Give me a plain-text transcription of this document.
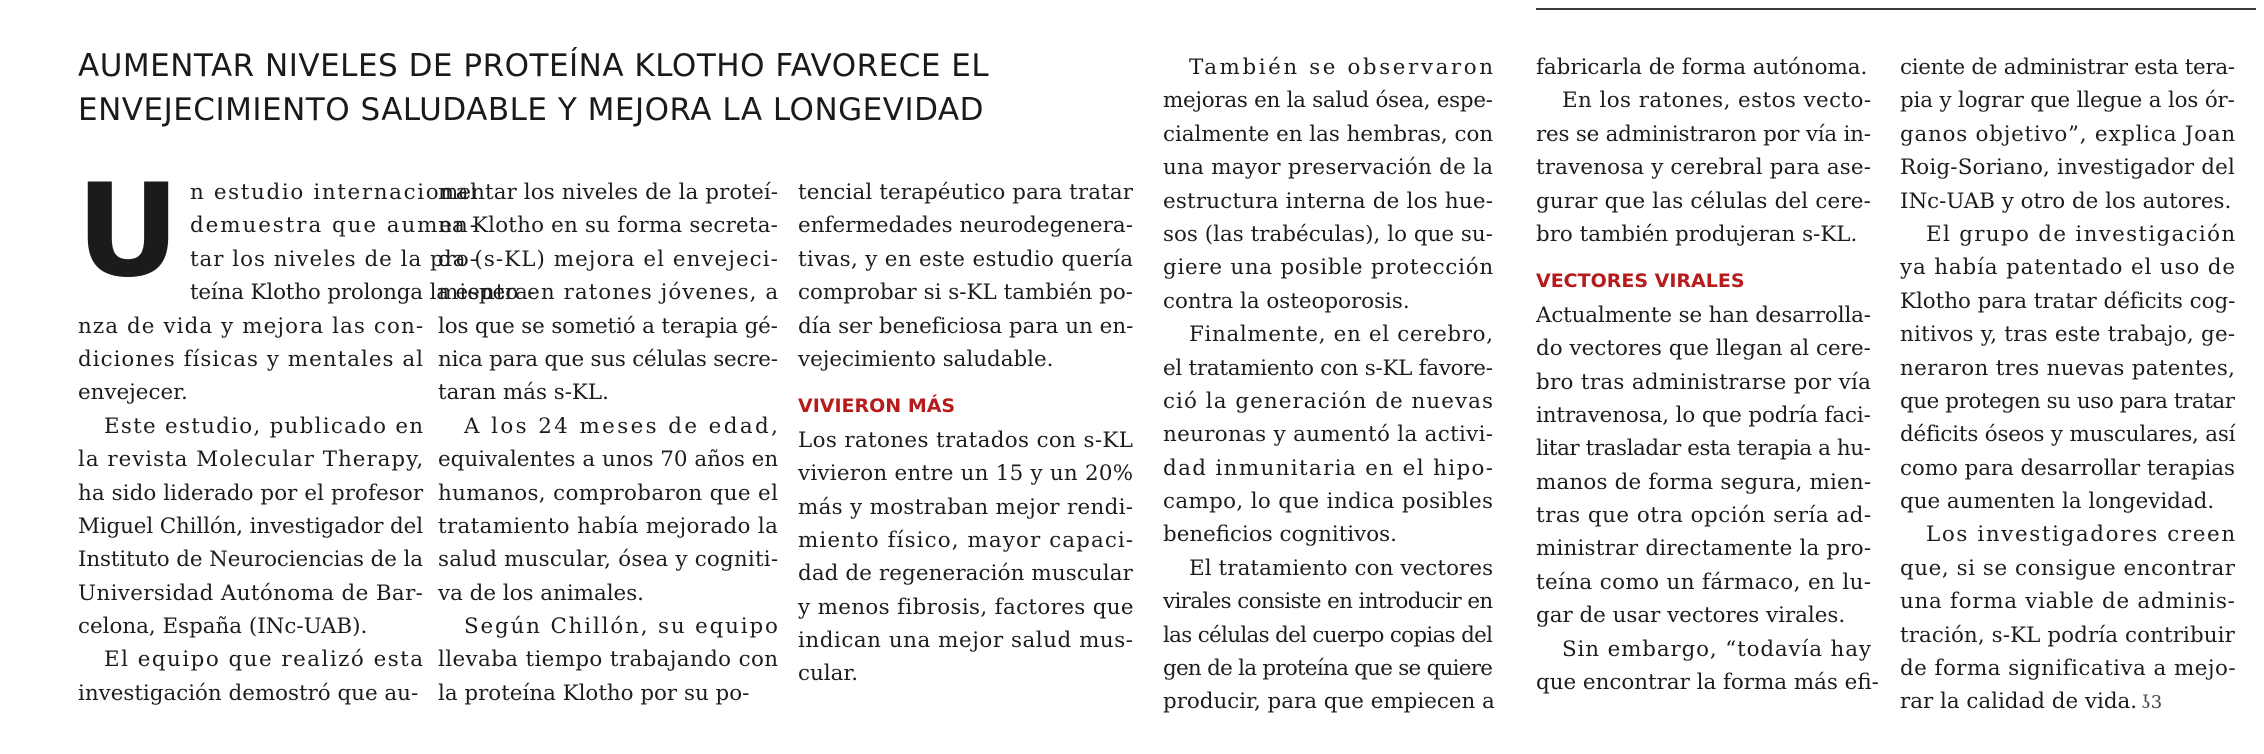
AUMENTAR NIVELES DE PROTEÍNA KLOTHO FAVORECE EL
ENVEJECIMIENTO SALUDABLE Y MEJORA LA LONGEVIDAD
U n estudio internacional
demuestra que aumen-
tar los niveles de la pro-
teína Klotho prolonga la espera-
nza de vida y mejora las con-
diciones físicas y mentales al
envejecer.
Este estudio, publicado en
la revista Molecular Therapy,
ha sido liderado por el profesor
Miguel Chillón, investigador del
Instituto de Neurociencias de la
Universidad Autónoma de Bar-
celona, España (INc-UAB).
El equipo que realizó esta
investigación demostró que au-
mentar los niveles de la proteí-
na Klotho en su forma secreta-
da (s-KL) mejora el envejeci-
miento en ratones jóvenes, a
los que se sometió a terapia gé-
nica para que sus células secre-
taran más s-KL.
A los 24 meses de edad,
equivalentes a unos 70 años en
humanos, comprobaron que el
tratamiento había mejorado la
salud muscular, ósea y cogniti-
va de los animales.
Según Chillón, su equipo
llevaba tiempo trabajando con
la proteína Klotho por su po-
tencial terapéutico para tratar
enfermedades neurodegenera-
tivas, y en este estudio quería
comprobar si s-KL también po-
día ser beneficiosa para un en-
vejecimiento saludable.
VIVIERON MÁS
Los ratones tratados con s-KL
vivieron entre un 15 y un 20%
más y mostraban mejor rendi-
miento físico, mayor capaci-
dad de regeneración muscular
y menos fibrosis, factores que
indican una mejor salud mus-
cular.
También se observaron
mejoras en la salud ósea, espe-
cialmente en las hembras, con
una mayor preservación de la
estructura interna de los hue-
sos (las trabéculas), lo que su-
giere una posible protección
contra la osteoporosis.
Finalmente, en el cerebro,
el tratamiento con s-KL favore-
ció la generación de nuevas
neuronas y aumentó la activi-
dad inmunitaria en el hipo-
campo, lo que indica posibles
beneficios cognitivos.
El tratamiento con vectores
virales consiste en introducir en
las células del cuerpo copias del
gen de la proteína que se quiere
producir, para que empiecen a
fabricarla de forma autónoma.
En los ratones, estos vecto-
res se administraron por vía in-
travenosa y cerebral para ase-
gurar que las células del cere-
bro también produjeran s-KL.
VECTORES VIRALES
Actualmente se han desarrolla-
do vectores que llegan al cere-
bro tras administrarse por vía
intravenosa, lo que podría faci-
litar trasladar esta terapia a hu-
manos de forma segura, mien-
tras que otra opción sería ad-
ministrar directamente la pro-
teína como un fármaco, en lu-
gar de usar vectores virales.
Sin embargo, “todavía hay
que encontrar la forma más efi-
ciente de administrar esta tera-
pia y lograr que llegue a los ór-
ganos objetivo”, explica Joan
Roig-Soriano, investigador del
INc-UAB y otro de los autores.
El grupo de investigación
ya había patentado el uso de
Klotho para tratar déficits cog-
nitivos y, tras este trabajo, ge-
neraron tres nuevas patentes,
que protegen su uso para tratar
déficits óseos y musculares, así
como para desarrollar terapias
que aumenten la longevidad.
Los investigadores creen
que, si se consigue encontrar
una forma viable de adminis-
tración, s-KL podría contribuir
de forma significativa a mejo-
rar la calidad de vida. ʖ3
